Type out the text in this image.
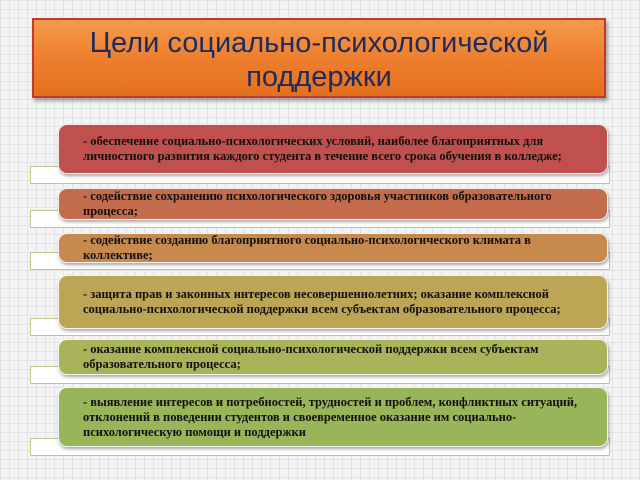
Цели социально-психологической поддержки
- обеспечение социально-психологических условий, наиболее благоприятных для личностного развития каждого студента в течение всего срока обучения в колледже;
- содействие сохранению психологического здоровья участников образовательного процесса;
- содействие созданию благоприятного социально-психологического климата в коллективе;
- защита прав и законных интересов несовершеннолетних; оказание комплексной социально-психологической поддержки всем субъектам образовательного процесса;
- оказание комплексной социально-психологической поддержки всем субъектам образовательного процесса;
- выявление интересов и потребностей, трудностей и проблем, конфликтных ситуаций, отклонений в поведении студентов и своевременное оказание им социально-психологическую помощи и поддержки
